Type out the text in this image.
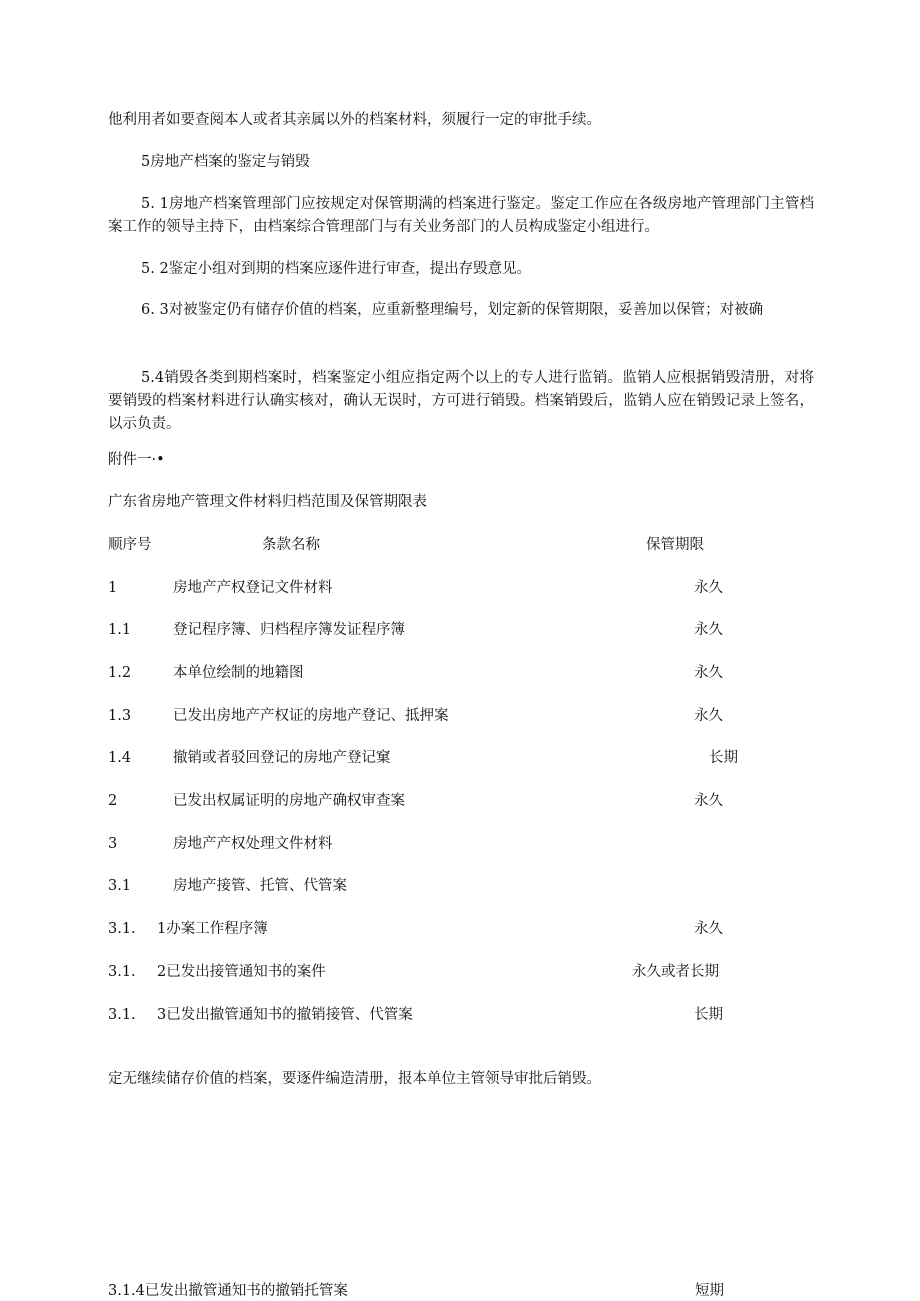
他利用者如要查阅本人或者其亲属以外的档案材料，须履行一定的审批手续。
5房地产档案的鉴定与销毁
5. 1房地产档案管理部门应按规定对保管期满的档案进行鉴定。鉴定工作应在各级房地产管理部门主管档案工作的领导主持下，由档案综合管理部门与有关业务部门的人员构成鉴定小组进行。
5. 2鉴定小组对到期的档案应逐件进行审查，提出存毁意见。
6. 3对被鉴定仍有储存价值的档案，应重新整理编号，划定新的保管期限，妥善加以保管；对被确
5.4销毁各类到期档案时，档案鉴定小组应指定两个以上的专人进行监销。监销人应根据销毁清册，对将要销毁的档案材料进行认确实核对，确认无误时，方可进行销毁。档案销毁后，监销人应在销毁记录上签名，以示负责。
附件一·•
广东省房地产管理文件材料归档范围及保管期限表
顺序号	条款名称	保管期限
1	房地产产权登记文件材料	永久
1.1	登记程序簿、归档程序簿发证程序簿	永久
1.2	本单位绘制的地籍图	永久
1.3	已发出房地产产权证的房地产登记、抵押案	永久
1.4	撤销或者驳回登记的房地产登记窠	长期
2	已发出权属证明的房地产确权审查案	永久
3	房地产产权处理文件材料
3.1	房地产接管、托管、代管案
3.1. 1办案工作程序簿	永久
3.1. 2已发出接管通知书的案件	永久或者长期
3.1. 3已发出撤管通知书的撤销接管、代管案	长期
定无继续储存价值的档案，要逐件编造清册，报本单位主管领导审批后销毁。
3.1.4已发出撤管通知书的撤销托管案	短期
